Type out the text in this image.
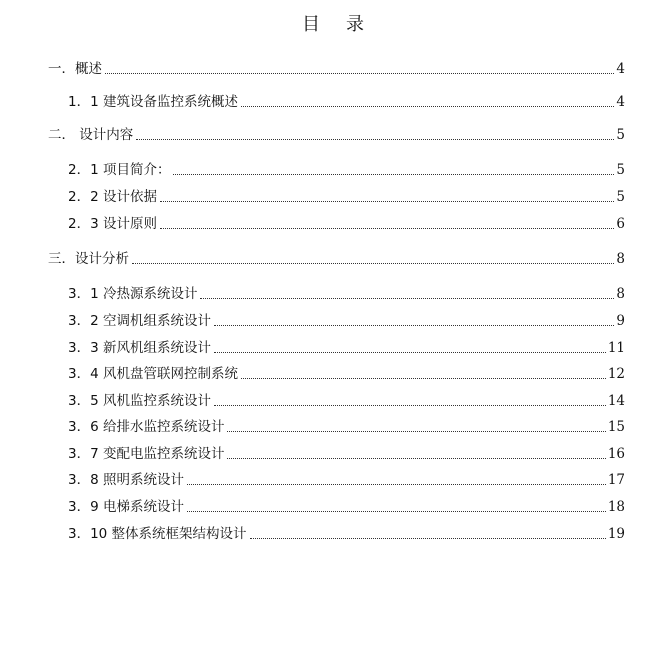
目 录
一．概述	4
1．1 建筑设备监控系统概述	4
二． 设计内容	5
2．1 项目简介：	5
2．2 设计依据	5
2．3 设计原则	6
三．设计分析	8
3．1 冷热源系统设计	8
3．2 空调机组系统设计	9
3．3 新风机组系统设计	11
3．4 风机盘管联网控制系统	12
3．5 风机监控系统设计	14
3．6 给排水监控系统设计	15
3．7 变配电监控系统设计	16
3．8 照明系统设计	17
3．9 电梯系统设计	18
3．10 整体系统框架结构设计	19
